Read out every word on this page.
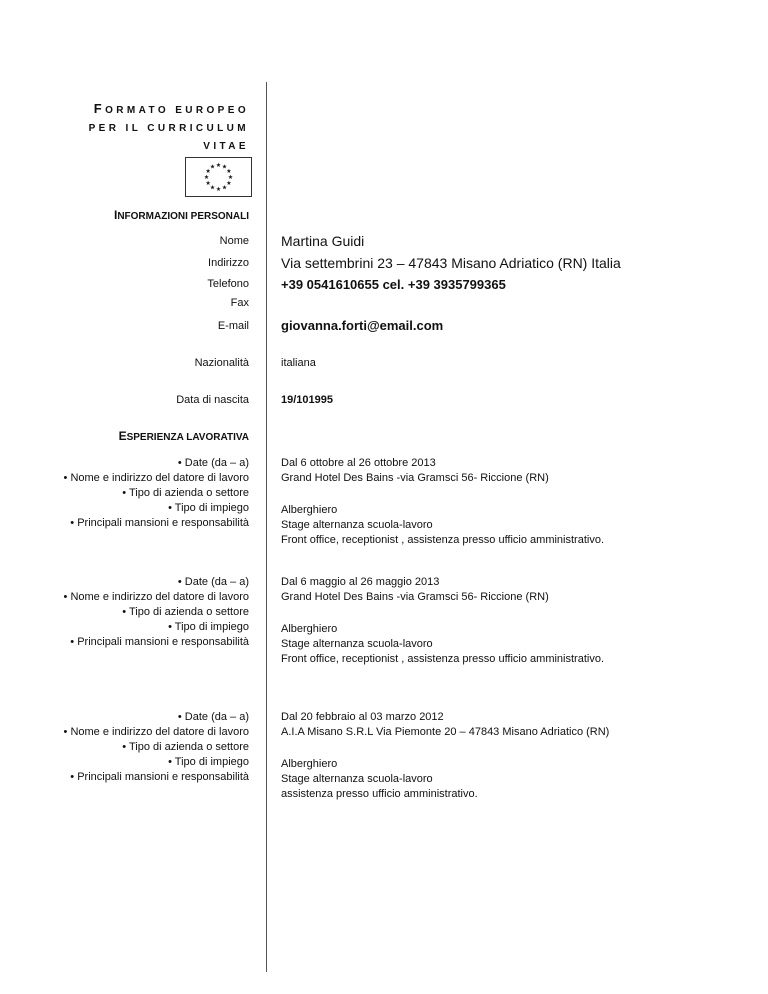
FORMATO EUROPEO
PER IL CURRICULUM
VITAE
INFORMAZIONI PERSONALI
Nome Martina Guidi
Indirizzo Via settembrini 23 – 47843 Misano Adriatico (RN) Italia
Telefono +39 0541610655 cel. +39 3935799365
Fax
E-mail giovanna.forti@email.com
Nazionalità	italiana
Data di nascita	19/101995
ESPERIENZA LAVORATIVA
• Date (da – a)
• Nome e indirizzo del datore di lavoro
• Tipo di azienda o settore
• Tipo di impiego
• Principali mansioni e responsabilità
Dal 6 ottobre al 26 ottobre 2013
Grand Hotel Des Bains -via Gramsci 56- Riccione (RN)
Alberghiero
Stage alternanza scuola-lavoro
Front office, receptionist , assistenza presso ufficio amministrativo.
• Date (da – a)
• Nome e indirizzo del datore di lavoro
• Tipo di azienda o settore
• Tipo di impiego
• Principali mansioni e responsabilità
Dal 6 maggio al 26 maggio 2013
Grand Hotel Des Bains -via Gramsci 56- Riccione (RN)
Alberghiero
Stage alternanza scuola-lavoro
Front office, receptionist , assistenza presso ufficio amministrativo.
• Date (da – a)
• Nome e indirizzo del datore di lavoro
• Tipo di azienda o settore
• Tipo di impiego
• Principali mansioni e responsabilità
Dal 20 febbraio al 03 marzo 2012
A.I.A Misano S.R.L Via Piemonte 20 – 47843 Misano Adriatico (RN)
Alberghiero
Stage alternanza scuola-lavoro
assistenza presso ufficio amministrativo.
